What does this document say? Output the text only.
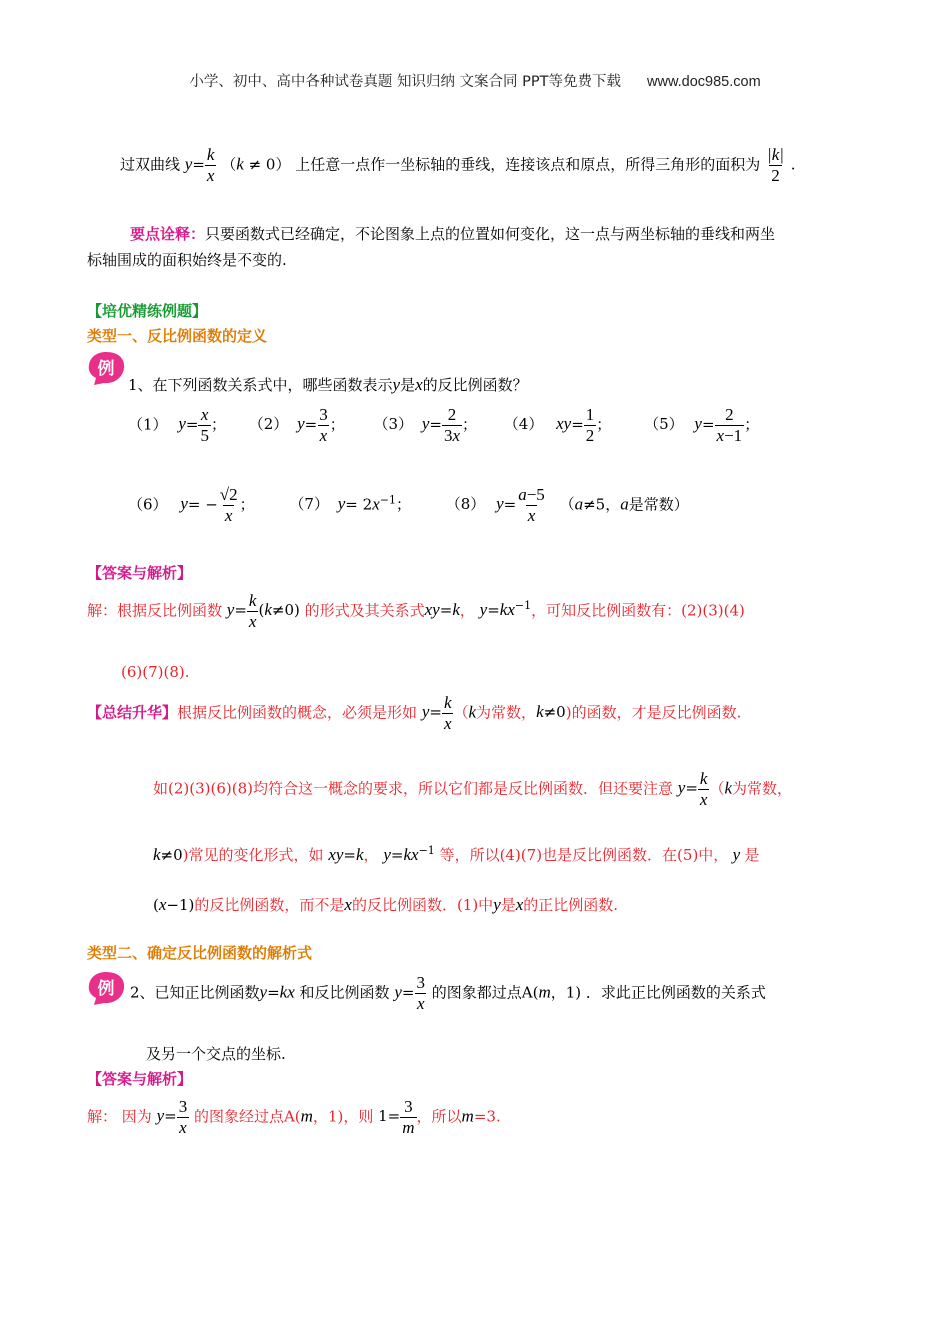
小学、初中、高中各种试卷真题 知识归纳 文案合同 PPT等免费下载 www.doc985.com
过双曲线 $y= \frac{k}{x} (k \ne 0)$ 上任意一点作一坐标轴的垂线，连接该点和原点，所得三角形的面积为 $\frac{|k|}{2}$ .
要点诠释：只要函数式已经确定，不论图象上点的位置如何变化，这一点与两坐标轴的垂线和两坐
标轴围成的面积始终是不变的.
【培优精练例题】
类型一、反比例函数的定义
例
1、在下列函数关系式中，哪些函数表示y是x的反比例函数？
（1） $y= \frac{x}{5}$ ； （2） $y= \frac{3}{x}$ ； （3） $y= \frac{2}{3x}$ ； （4） $xy= \frac{1}{2}$ ； （5） $y= \frac{2}{x-1}$ ；
（6） $y= - \frac{√2}{x}$ ； （7） $y= 2x^{-1}$； （8） $y= \frac{a-5}{x} (a\ne 5$，a是常数）
【答案与解析】
解：根据反比例函数 $y= \frac{k}{x} (k\ne 0)$ 的形式及其关系式xy=k， $y=kx^{-1}$，可知反比例函数有：(2)(3)(4)
(6)(7)(8).
【总结升华】根据反比例函数的概念，必须是形如 $y= \frac{k}{x} (k$为常数，k≠0)的函数，才是反比例函数.
如(2)(3)(6)(8)均符合这一概念的要求，所以它们都是反比例函数．但还要注意 $y= \frac{k}{x} (k$为常数，
k≠0)常见的变化形式，如 xy=k， $y=kx^{-1}$ 等，所以(4)(7)也是反比例函数．在(5)中， y 是
(x−1)的反比例函数，而不是x的反比例函数．(1)中y是x的正比例函数.
类型二、确定反比例函数的解析式
例 2、已知正比例函数y=kx 和反比例函数 $y= \frac{3}{x}$ 的图象都过点A(m，1) ．求此正比例函数的关系式
及另一个交点的坐标.
【答案与解析】
解： 因为 $y= \frac{3}{x}$ 的图象经过点A(m，1)，则 $1= \frac{3}{m}$ ，所以m=3.
